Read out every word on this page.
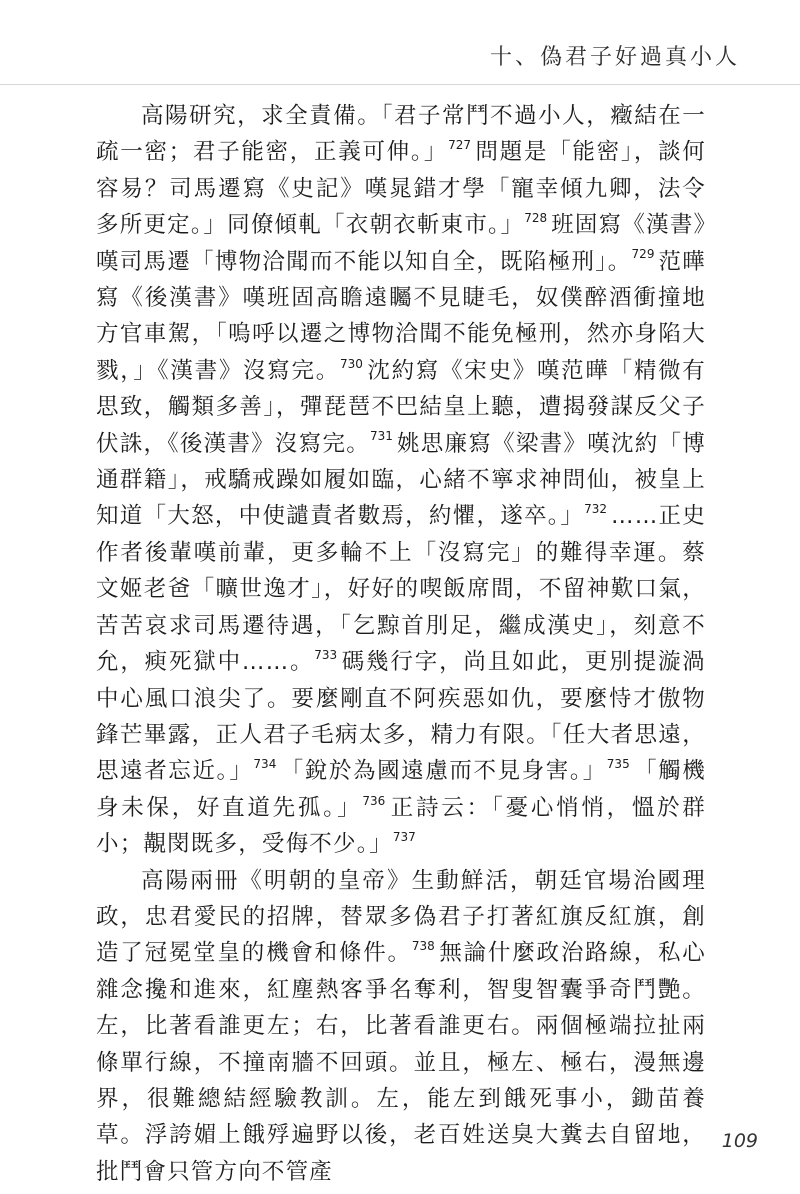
十、偽君子好過真小人

高陽研究，求全責備。「君子常鬥不過小人，癥結在一疏一密；君子能密，正義可伸。」$^{727}$ 問題是「能密」，談何容易？司馬遷寫《史記》嘆晁錯才學「寵幸傾九卿，法令多所更定。」同僚傾軋「衣朝衣斬東市。」$^{728}$ 班固寫《漢書》嘆司馬遷「博物洽聞而不能以知自全，既陷極刑」。$^{729}$ 范曄寫《後漢書》嘆班固高瞻遠矚不見睫毛，奴僕醉酒衝撞地方官車駕，「嗚呼以遷之博物洽聞不能免極刑，然亦身陷大戮，」《漢書》沒寫完。$^{730}$ 沈約寫《宋史》嘆范曄「精微有思致，觸類多善」，彈琵琶不巴結皇上聽，遭揭發謀反父子伏誅，《後漢書》沒寫完。$^{731}$ 姚思廉寫《梁書》嘆沈約「博通群籍」，戒驕戒躁如履如臨，心緒不寧求神問仙，被皇上知道「大怒，中使譴責者數焉，約懼，遂卒。」$^{732}$ ……正史作者後輩嘆前輩，更多輪不上「沒寫完」的難得幸運。蔡文姬老爸「曠世逸才」，好好的喫飯席間，不留神歎口氣，苦苦哀求司馬遷待遇，「乞黥首刖足，繼成漢史」，刻意不允，瘐死獄中……。$^{733}$ 碼幾行字，尚且如此，更別提漩渦中心風口浪尖了。要麼剛直不阿疾惡如仇，要麼恃才傲物鋒芒畢露，正人君子毛病太多，精力有限。「任大者思遠，思遠者忘近。」$^{734}$ 「銳於為國遠慮而不見身害。」$^{735}$ 「觸機身未保，好直道先孤。」$^{736}$ 正詩云：「憂心悄悄，慍於群小；覯閔既多，受侮不少。」$^{737}$

高陽兩冊《明朝的皇帝》生動鮮活，朝廷官場治國理政，忠君愛民的招牌，替眾多偽君子打著紅旗反紅旗，創造了冠冕堂皇的機會和條件。$^{738}$ 無論什麼政治路線，私心雜念攙和進來，紅塵熱客爭名奪利，智叟智囊爭奇鬥艷。左，比著看誰更左；右，比著看誰更右。兩個極端拉扯兩條單行線，不撞南牆不回頭。並且，極左、極右，漫無邊界，很難總結經驗教訓。左，能左到餓死事小，鋤苗養草。浮誇媚上餓殍遍野以後，老百姓送臭大糞去自留地，批鬥會只管方向不管產

109
